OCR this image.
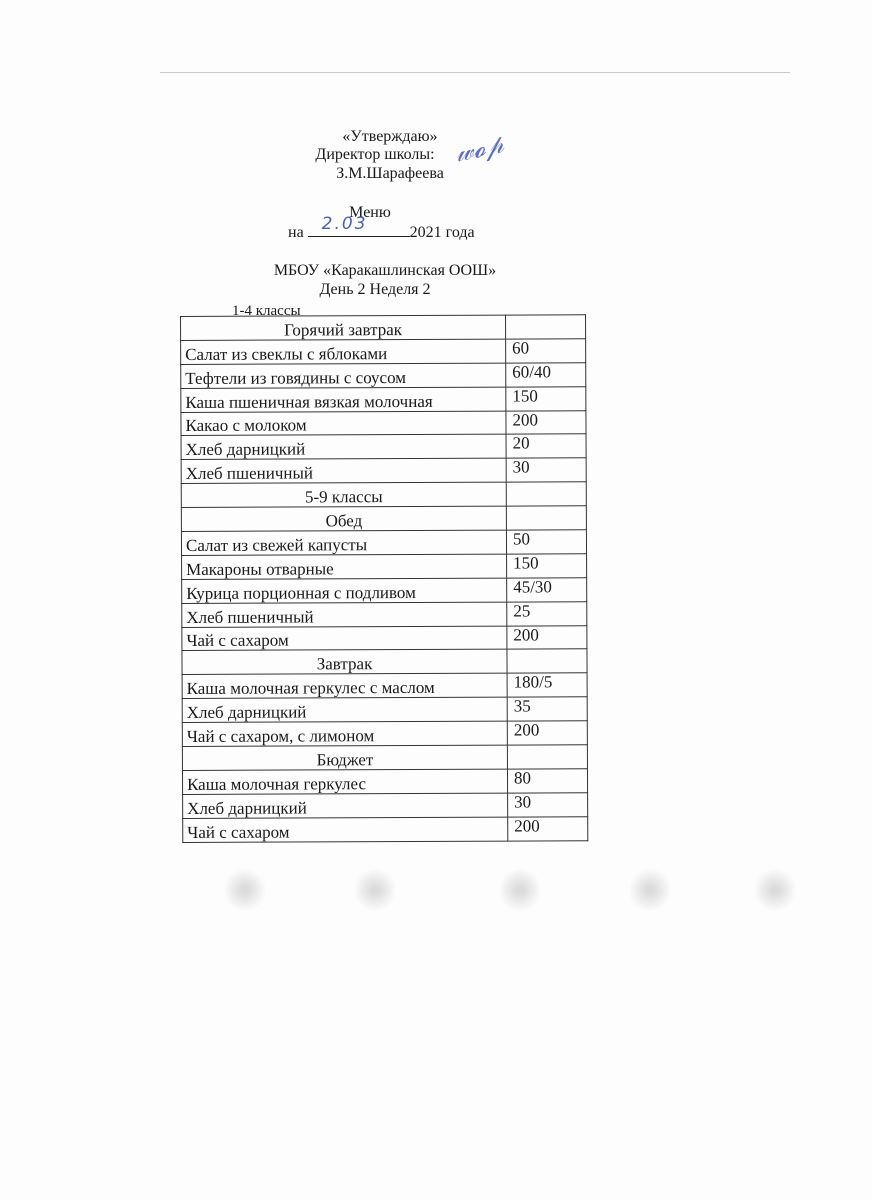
«Утверждаю»
Директор школы: 𝓌𝓸𝓅
З.М.Шарафеева
Меню
на 2.03	2021 года
МБОУ «Каракашлинская ООШ»
День 2 Неделя 2
1-4 классы
Горячий завтрак	
Салат из свеклы с яблоками	60
Тефтели из говядины с соусом	60/40
Каша пшеничная вязкая молочная	150
Какао с молоком	200
Хлеб дарницкий	20
Хлеб пшеничный	30
5-9 классы	
Обед	
Салат из свежей капусты	50
Макароны отварные	150
Курица порционная с подливом	45/30
Хлеб пшеничный	25
Чай с сахаром	200
Завтрак	
Каша молочная геркулес с маслом	180/5
Хлеб дарницкий	35
Чай с сахаром, с лимоном	200
Бюджет	
Каша молочная геркулес	80
Хлеб дарницкий	30
Чай с сахаром	200
